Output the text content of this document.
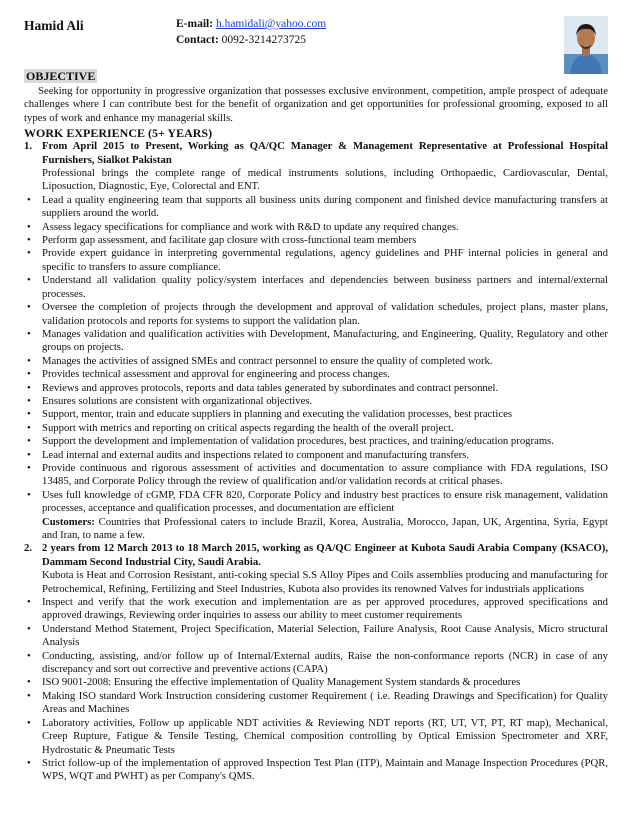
Hamid Ali	E-mail: h.hamidali@yahoo.com
Contact: 0092-3214273725
OBJECTIVE

Seeking for opportunity in progressive organization that possesses exclusive environment, competition, ample prospect of adequate challenges where I can contribute best for the benefit of organization and get opportunities for professional grooming, exposed to all types of work and enhance my managerial skills.

WORK EXPERIENCE (5+ YEARS)
1. From April 2015 to Present, Working as QA/QC Manager & Management Representative at Professional Hospital Furnishers, Sialkot Pakistan
Professional brings the complete range of medical instruments solutions, including Orthopaedic, Cardiovascular, Dental, Liposuction, Diagnostic, Eye, Colorectal and ENT.
• Lead a quality engineering team that supports all business units during component and finished device manufacturing transfers at suppliers around the world.
• Assess legacy specifications for compliance and work with R&D to update any required changes.
• Perform gap assessment, and facilitate gap closure with cross-functional team members
• Provide expert guidance in interpreting governmental regulations, agency guidelines and PHF internal policies in general and specific to transfers to assure compliance.
• Understand all validation quality policy/system interfaces and dependencies between business partners and internal/external processes.
• Oversee the completion of projects through the development and approval of validation schedules, project plans, master plans, validation protocols and reports for systems to support the validation plan.
• Manages validation and qualification activities with Development, Manufacturing, and Engineering, Quality, Regulatory and other groups on projects.
• Manages the activities of assigned SMEs and contract personnel to ensure the quality of completed work.
• Provides technical assessment and approval for engineering and process changes.
• Reviews and approves protocols, reports and data tables generated by subordinates and contract personnel.
• Ensures solutions are consistent with organizational objectives.
• Support, mentor, train and educate suppliers in planning and executing the validation processes, best practices
• Support with metrics and reporting on critical aspects regarding the health of the overall project.
• Support the development and implementation of validation procedures, best practices, and training/education programs.
• Lead internal and external audits and inspections related to component and manufacturing transfers.
• Provide continuous and rigorous assessment of activities and documentation to assure compliance with FDA regulations, ISO 13485, and Corporate Policy through the review of qualification and/or validation records at critical phases.
• Uses full knowledge of cGMP, FDA CFR 820, Corporate Policy and industry best practices to ensure risk management, validation processes, acceptance and qualification processes, and documentation are efficient
Customers: Countries that Professional caters to include Brazil, Korea, Australia, Morocco, Japan, UK, Argentina, Syria, Egypt and Iran, to name a few.
2. 2 years from 12 March 2013 to 18 March 2015, working as QA/QC Engineer at Kubota Saudi Arabia Company (KSACO), Dammam Second Industrial City, Saudi Arabia.
Kubota is Heat and Corrosion Resistant, anti-coking special S.S Alloy Pipes and Coils assemblies producing and manufacturing for Petrochemical, Refining, Fertilizing and Steel Industries, Kubota also provides its renowned Valves for industrials applications
• Inspect and verify that the work execution and implementation are as per approved procedures, approved specifications and approved drawings, Reviewing order inquiries to assess our ability to meet customer requirements
• Understand Method Statement, Project Specification, Material Selection, Failure Analysis, Root Cause Analysis, Micro structural Analysis
• Conducting, assisting, and/or follow up of Internal/External audits, Raise the non-conformance reports (NCR) in case of any discrepancy and sort out corrective and preventive actions (CAPA)
• ISO 9001-2008: Ensuring the effective implementation of Quality Management System standards & procedures
• Making ISO standard Work Instruction considering customer Requirement ( i.e. Reading Drawings and Specification) for Quality Areas and Machines
• Laboratory activities, Follow up applicable NDT activities & Reviewing NDT reports (RT, UT, VT, PT, RT map), Mechanical, Creep Rupture, Fatigue & Tensile Testing, Chemical composition controlling by Optical Emission Spectrometer and XRF, Hydrostatic & Pneumatic Tests
• Strict follow-up of the implementation of approved Inspection Test Plan (ITP), Maintain and Manage Inspection Procedures (PQR, WPS, WQT and PWHT) as per Company's QMS.
